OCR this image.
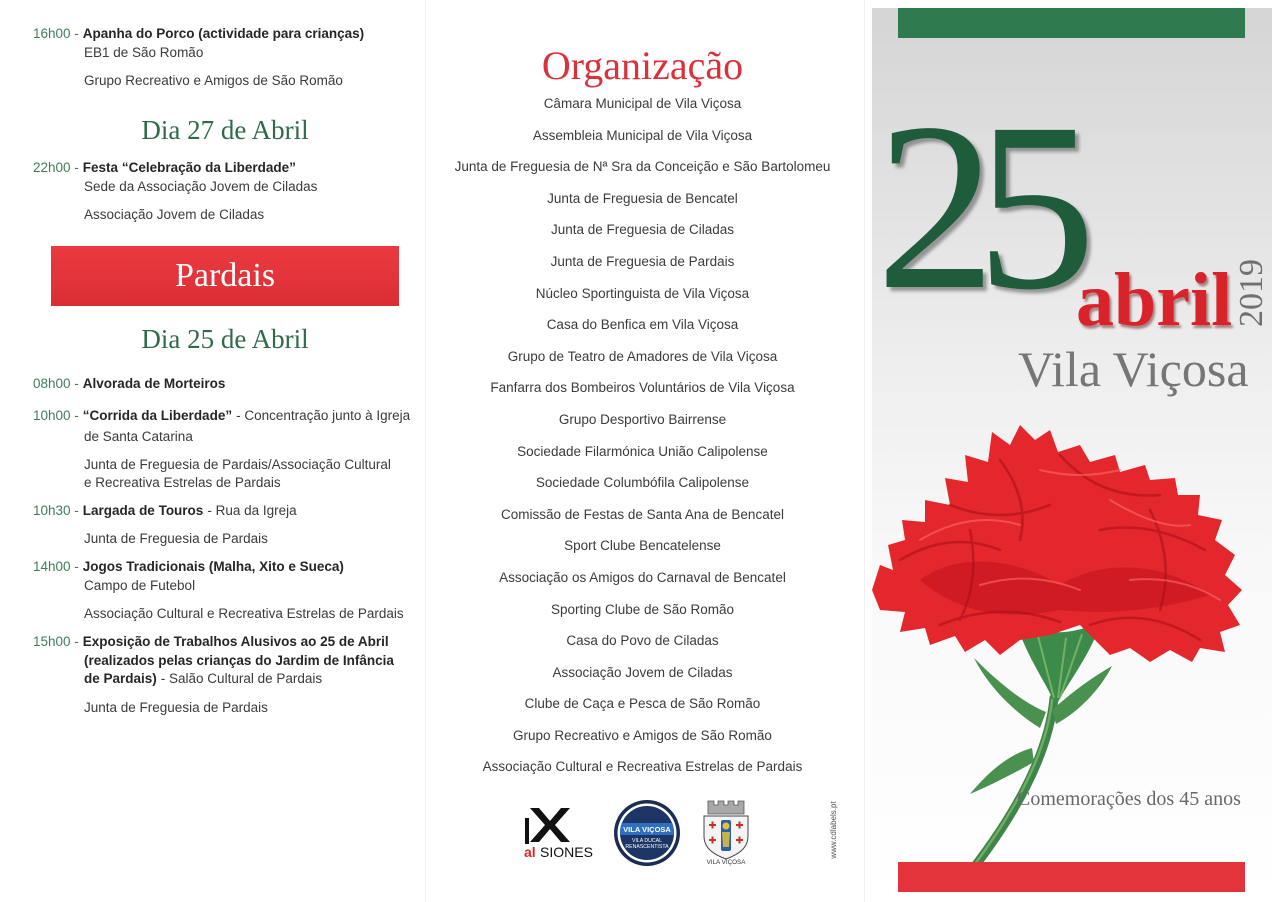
16h00 - Apanha do Porco (actividade para crianças)
EB1 de São Romão
Grupo Recreativo e Amigos de São Romão
Dia 27 de Abril
22h00 - Festa “Celebração da Liberdade”
Sede da Associação Jovem de Ciladas
Associação Jovem de Ciladas
Pardais
Dia 25 de Abril
08h00 - Alvorada de Morteiros
10h00 - “Corrida da Liberdade” - Concentração junto à Igreja
de Santa Catarina
Junta de Freguesia de Pardais/Associação Cultural
e Recreativa Estrelas de Pardais
10h30 - Largada de Touros - Rua da Igreja
Junta de Freguesia de Pardais
14h00 - Jogos Tradicionais (Malha, Xito e Sueca)
Campo de Futebol
Associação Cultural e Recreativa Estrelas de Pardais
15h00 - Exposição de Trabalhos Alusivos ao 25 de Abril
(realizados pelas crianças do Jardim de Infância
de Pardais) - Salão Cultural de Pardais
Junta de Freguesia de Pardais
Organização
Câmara Municipal de Vila Viçosa
Assembleia Municipal de Vila Viçosa
Junta de Freguesia de Nª Sra da Conceição e São Bartolomeu
Junta de Freguesia de Bencatel
Junta de Freguesia de Ciladas
Junta de Freguesia de Pardais
Núcleo Sportinguista de Vila Viçosa
Casa do Benfica em Vila Viçosa
Grupo de Teatro de Amadores de Vila Viçosa
Fanfarra dos Bombeiros Voluntários de Vila Viçosa
Grupo Desportivo Bairrense
Sociedade Filarmónica União Calipolense
Sociedade Columbófila Calipolense
Comissão de Festas de Santa Ana de Bencatel
Sport Clube Bencatelense
Associação os Amigos do Carnaval de Bencatel
Sporting Clube de São Romão
Casa do Povo de Ciladas
Associação Jovem de Ciladas
Clube de Caça e Pesca de São Romão
Grupo Recreativo e Amigos de São Romão
Associação Cultural e Recreativa Estrelas de Pardais
al SIONES
VILA VIÇOSA
VILA DUCAL
RENASCENTISTA
VILA VIÇOSA
www.cdlabels.pt
25 abril 2019
Vila Viçosa
Comemorações dos 45 anos
